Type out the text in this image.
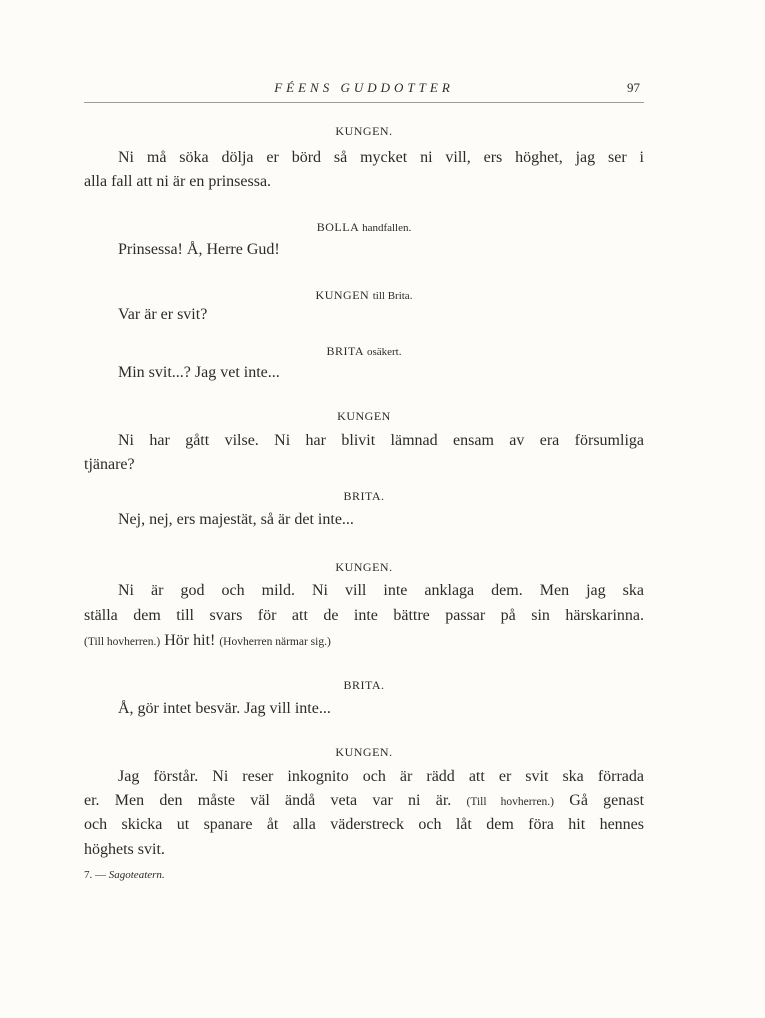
FÉENS GUDDOTTER	97
KUNGEN.
Ni må söka dölja er börd så mycket ni vill, ers höghet, jag ser i
alla fall att ni är en prinsessa.
BOLLA handfallen.
Prinsessa! Å, Herre Gud!
KUNGEN till Brita.
Var är er svit?
BRITA osäkert.
Min svit...? Jag vet inte...
KUNGEN
Ni har gått vilse. Ni har blivit lämnad ensam av era försumliga
tjänare?
BRITA.
Nej, nej, ers majestät, så är det inte...
KUNGEN.
Ni är god och mild. Ni vill inte anklaga dem. Men jag ska
ställa dem till svars för att de inte bättre passar på sin härskarinna.
(Till hovherren.) Hör hit! (Hovherren närmar sig.)
BRITA.
Å, gör intet besvär. Jag vill inte...
KUNGEN.
Jag förstår. Ni reser inkognito och är rädd att er svit ska förrada
er. Men den måste väl ändå veta var ni är. (Till hovherren.) Gå genast
och skicka ut spanare åt alla väderstreck och låt dem föra hit hennes
höghets svit.
7. — Sagoteatern.
